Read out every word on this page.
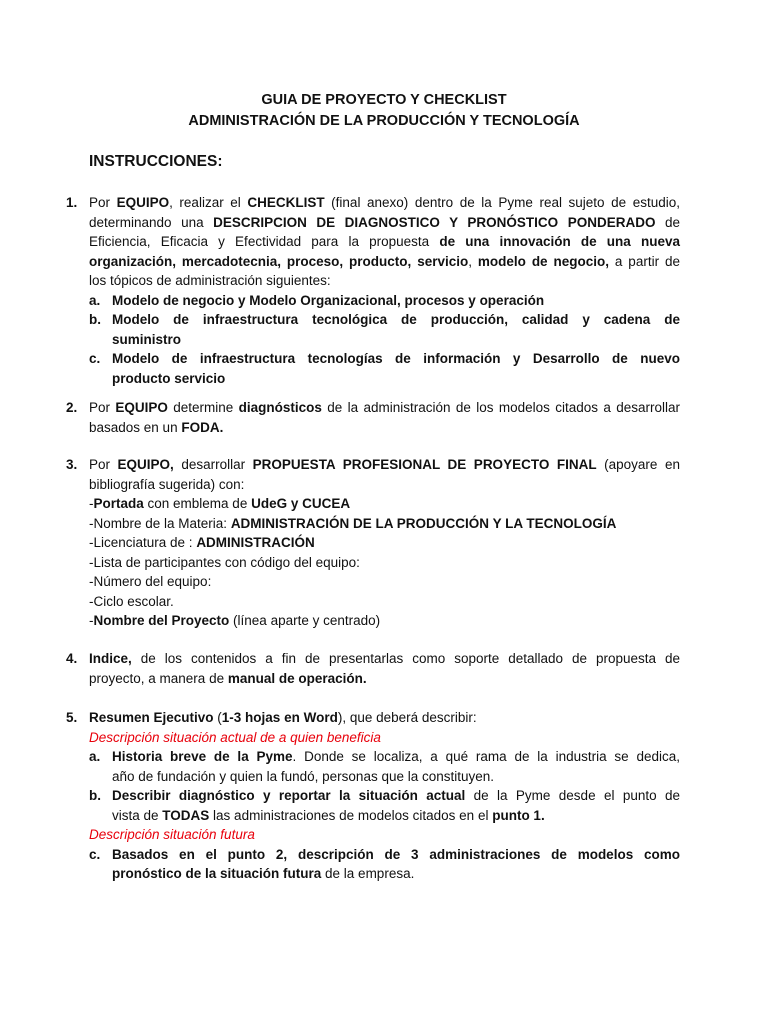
GUIA DE PROYECTO Y CHECKLIST
ADMINISTRACIÓN DE LA PRODUCCIÓN Y TECNOLOGÍA
INSTRUCCIONES:
1. Por EQUIPO, realizar el CHECKLIST (final anexo) dentro de la Pyme real sujeto de estudio,
determinando una DESCRIPCION DE DIAGNOSTICO Y PRONÓSTICO PONDERADO de
Eficiencia, Eficacia y Efectividad para la propuesta de una innovación de una nueva
organización, mercadotecnia, proceso, producto, servicio, modelo de negocio, a partir de
los tópicos de administración siguientes:
a. Modelo de negocio y Modelo Organizacional, procesos y operación
b. Modelo de infraestructura tecnológica de producción, calidad y cadena de
suministro
c. Modelo de infraestructura tecnologías de información y Desarrollo de nuevo
producto servicio
2. Por EQUIPO determine diagnósticos de la administración de los modelos citados a desarrollar
basados en un FODA.
3. Por EQUIPO, desarrollar PROPUESTA PROFESIONAL DE PROYECTO FINAL (apoyare en
bibliografía sugerida) con:
-Portada con emblema de UdeG y CUCEA
-Nombre de la Materia: ADMINISTRACIÓN DE LA PRODUCCIÓN Y LA TECNOLOGÍA
-Licenciatura de : ADMINISTRACIÓN
-Lista de participantes con código del equipo:
-Número del equipo:
-Ciclo escolar.
-Nombre del Proyecto (línea aparte y centrado)
4. Indice, de los contenidos a fin de presentarlas como soporte detallado de propuesta de
proyecto, a manera de manual de operación.
5. Resumen Ejecutivo (1-3 hojas en Word), que deberá describir:
Descripción situación actual de a quien beneficia
a. Historia breve de la Pyme. Donde se localiza, a qué rama de la industria se dedica,
año de fundación y quien la fundó, personas que la constituyen.
b. Describir diagnóstico y reportar la situación actual de la Pyme desde el punto de
vista de TODAS las administraciones de modelos citados en el punto 1.
Descripción situación futura
c. Basados en el punto 2, descripción de 3 administraciones de modelos como
pronóstico de la situación futura de la empresa.
